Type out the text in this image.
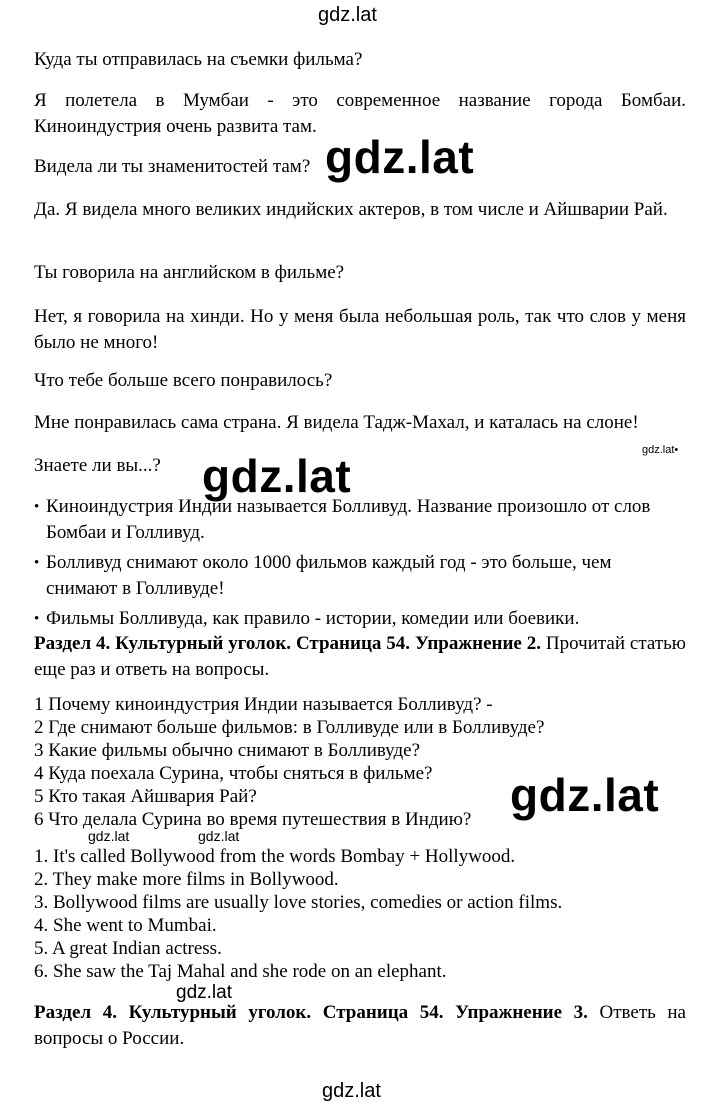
gdz.lat
gdz.lat
gdz.lat	gdz.lat•
gdz.lat
gdz.lat	gdz.lat
gdz.lat
gdz.lat

Куда ты отправилась на съемки фильма?

Я полетела в Мумбаи - это современное название города Бомбаи. Киноиндустрия очень развита там.

Видела ли ты знаменитостей там?

Да. Я видела много великих индийских актеров, в том числе и Айшварии Рай.

Ты говорила на английском в фильме?

Нет, я говорила на хинди. Но у меня была небольшая роль, так что слов у меня было не много!

Что тебе больше всего понравилось?

Мне понравилась сама страна. Я видела Тадж-Махал, и каталась на слоне!

Знаете ли вы...?

• Киноиндустрия Индии называется Болливуд. Название произошло от слов Бомбаи и Голливуд.
• Болливуд снимают около 1000 фильмов каждый год - это больше, чем снимают в Голливуде!
• Фильмы Болливуда, как правило - истории, комедии или боевики.

Раздел 4. Культурный уголок. Страница 54. Упражнение 2. Прочитай статью еще раз и ответь на вопросы.

1 Почему киноиндустрия Индии называется Болливуд? -
2 Где снимают больше фильмов: в Голливуде или в Болливуде?
3 Какие фильмы обычно снимают в Болливуде?
4 Куда поехала Сурина, чтобы сняться в фильме?
5 Кто такая Айшвария Рай?
6 Что делала Сурина во время путешествия в Индию?
1. It's called Bollywood from the words Bombay + Hollywood.
2. They make more films in Bollywood.
3. Bollywood films are usually love stories, comedies or action films.
4. She went to Mumbai.
5. A great Indian actress.
6. She saw the Taj Mahal and she rode on an elephant.

Раздел 4. Культурный уголок. Страница 54. Упражнение 3. Ответь на вопросы о России.
